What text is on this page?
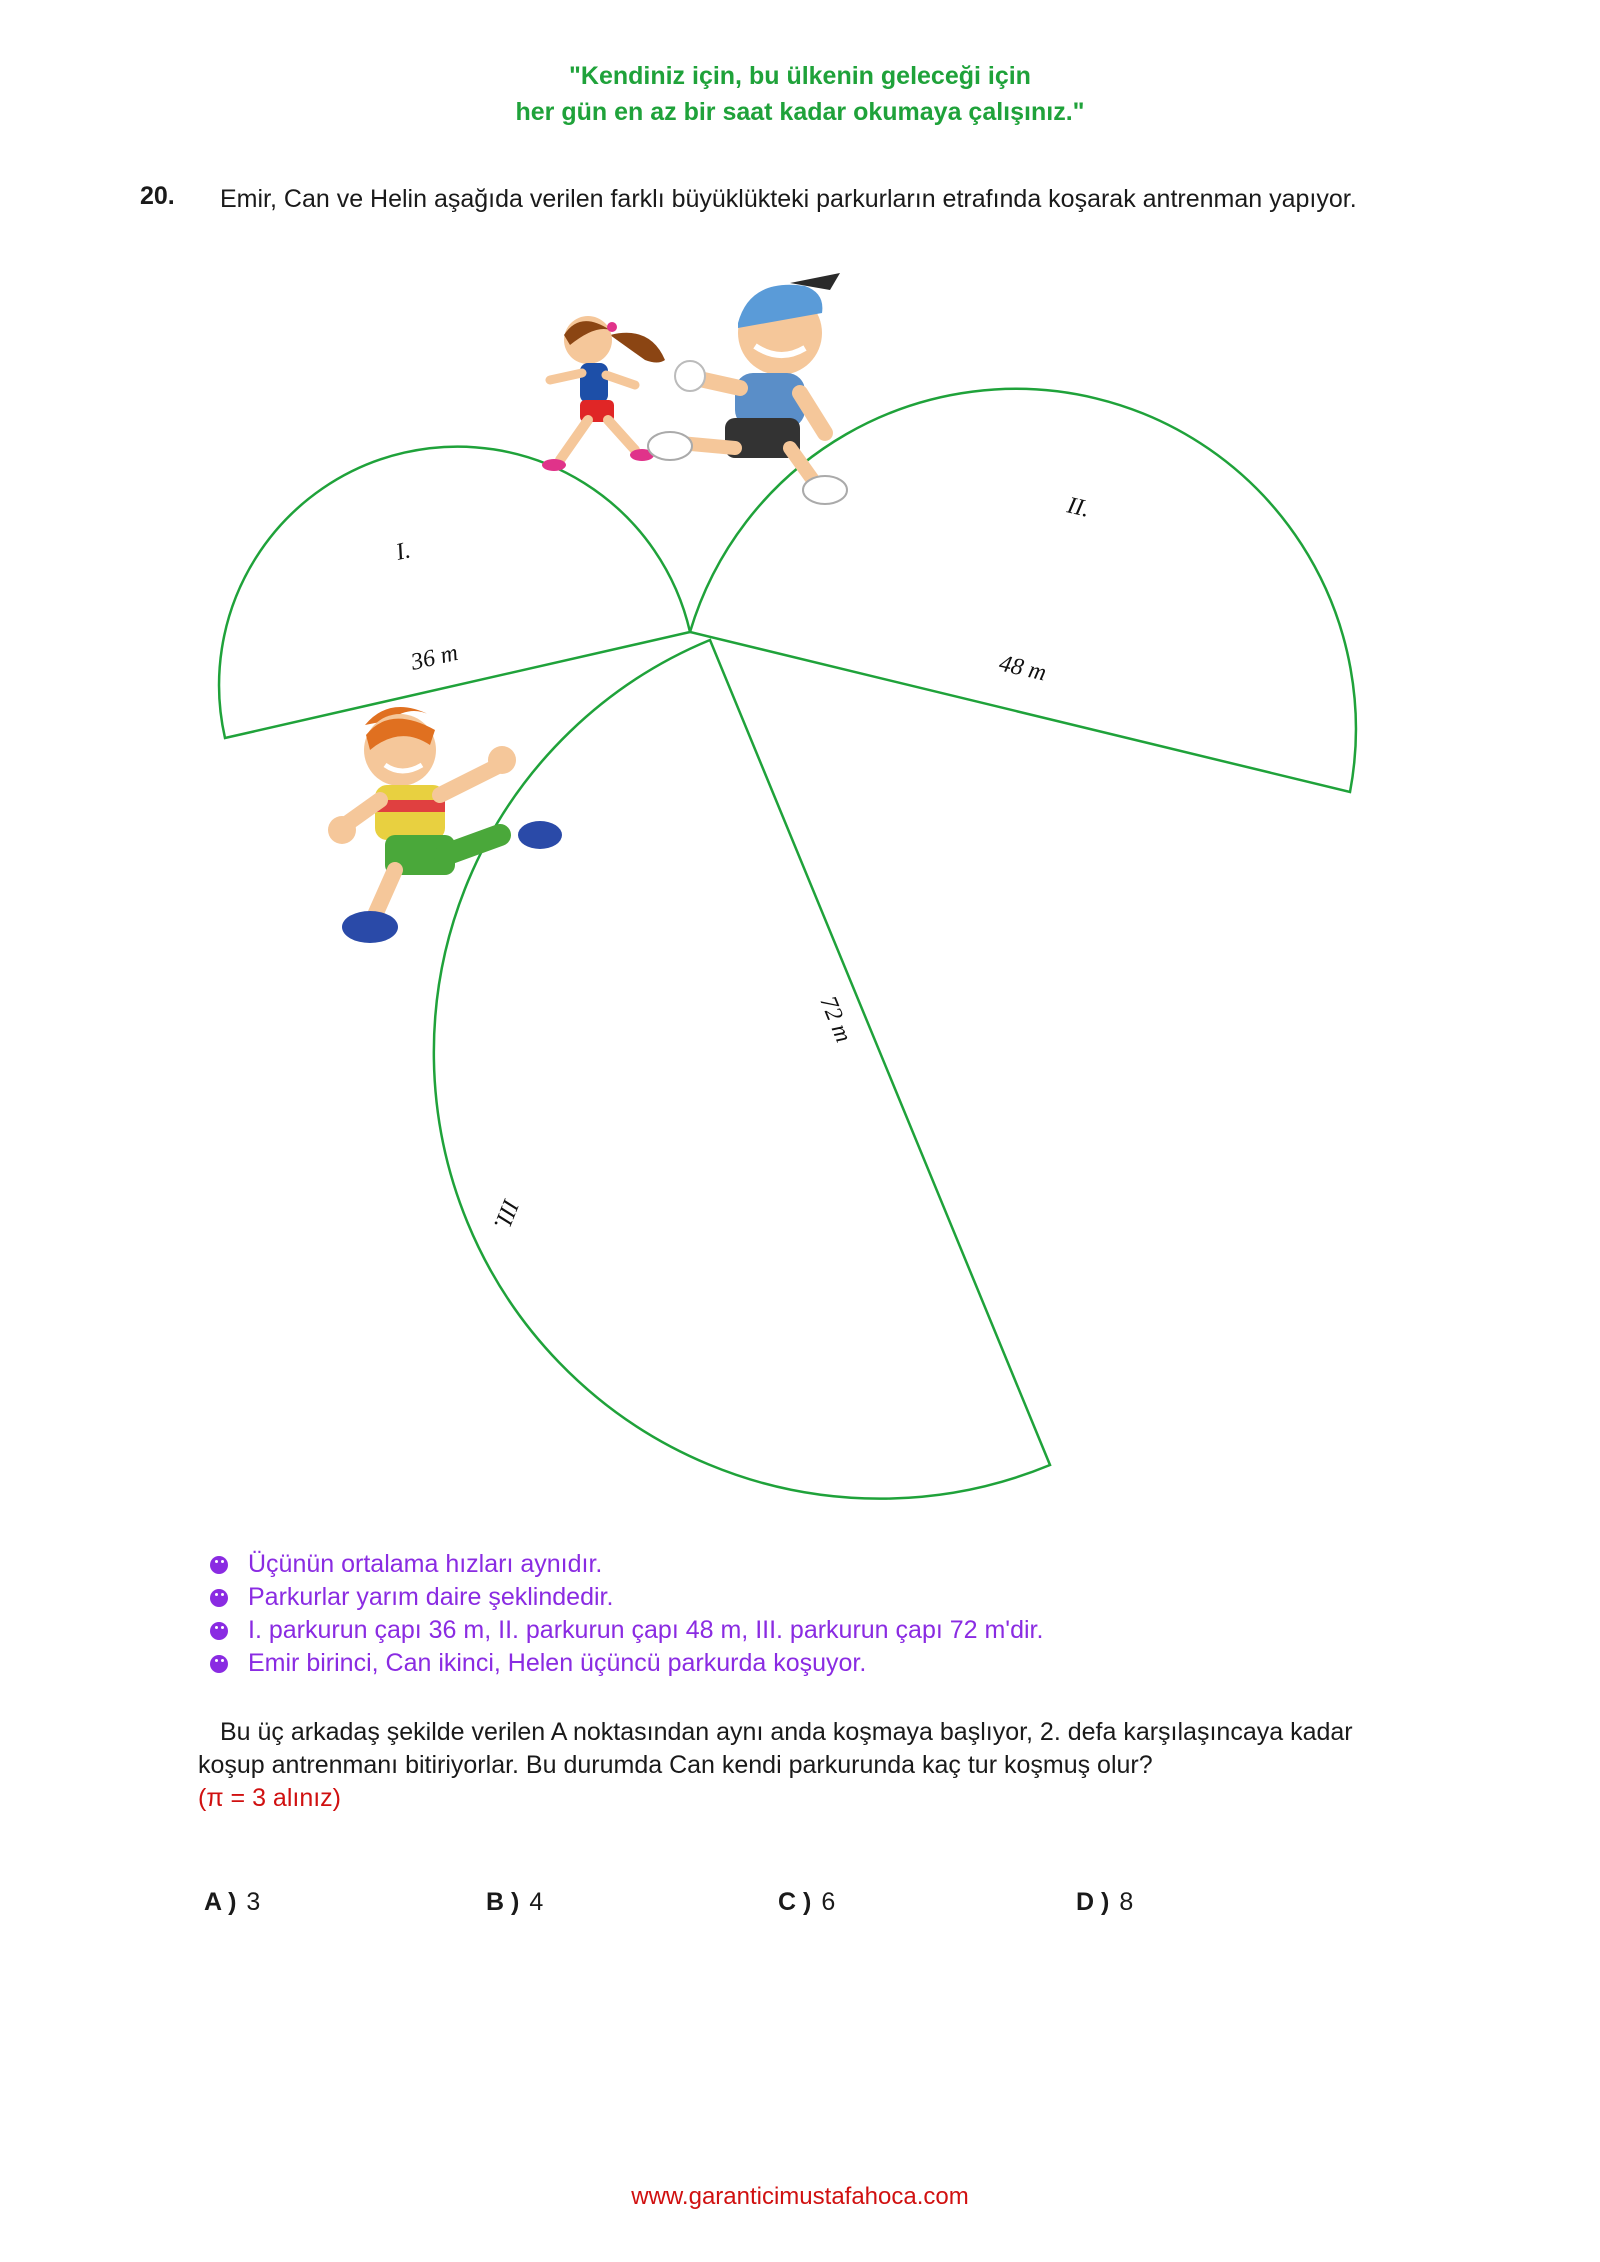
"Kendiniz için, bu ülkenin geleceği için
her gün en az bir saat kadar okumaya çalışınız."
20.	Emir, Can ve Helin aşağıda verilen farklı büyüklükteki parkurların etrafında koşarak antrenman yapıyor.
I.
II.
III.
36 m	48 m
72 m
Üçünün ortalama hızları aynıdır.
Parkurlar yarım daire şeklindedir.
I. parkurun çapı 36 m, II. parkurun çapı 48 m, III. parkurun çapı 72 m'dir.
Emir birinci, Can ikinci, Helen üçüncü parkurda koşuyor.
Bu üç arkadaş şekilde verilen A noktasından aynı anda koşmaya başlıyor, 2. defa karşılaşıncaya kadar koşup antrenmanı bitiriyorlar. Bu durumda Can kendi parkurunda kaç tur koşmuş olur?
(π = 3 alınız)
A ) 3	B ) 4	C ) 6	D ) 8
www.garanticimustafahoca.com
